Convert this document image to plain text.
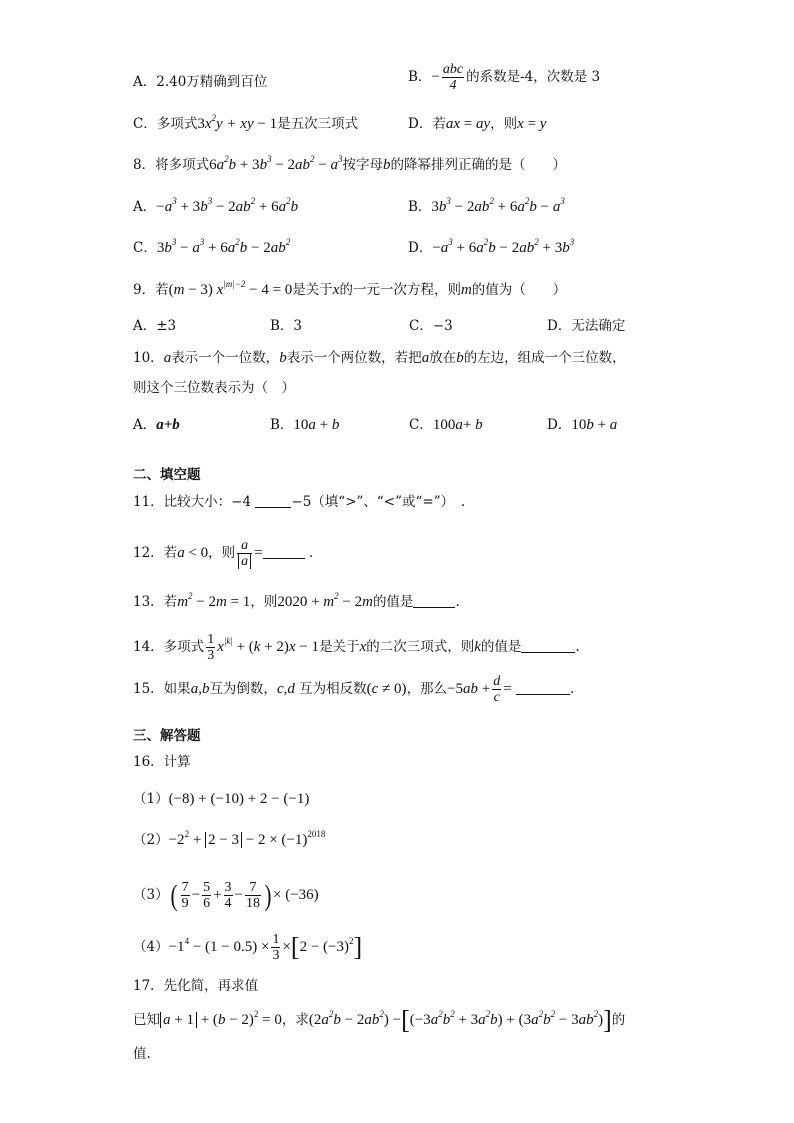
A．2.40万精确到百位	B．− $\frac{\text{abc}}{4}$ 的系数是-4，次数是 3
C．多项式$3x^2y$ + xy − 1是五次三项式	D．若ax = ay，则x = y
8．将多项式$6a^2b + 3b^3 - 2ab^2 - a^3$按字母b的降幂排列正确的是（　　）
A．$-a^3 + 3b^3 - 2ab^2 + 6a^2b$	B．$3b^3 - 2ab^2 + 6a^2b - a^3$
C．$3b^3 - a^3 + 6a^2b - 2ab^2$	D．$-a^3 + 6a^2b - 2ab^2 + 3b^3$
9．若(m − 3) $x^{|m|-2} - 4 = 0$是关于x的一元一次方程，则m的值为（　　）
A．±3	B．3	C．−3	D．无法确定
10．a表示一个一位数，b表示一个两位数，若把a放在b的左边，组成一个三位数，
则这个三位数表示为（　）
A．a+b	B．10a + b	C．100a+ b	D．10b + a
二、填空题
11．比较大小：−4	−5（填“>”、“<”或“=”）　.
12．若a < 0，则 $\frac{a}{a}$ =	．
13．若$m^2 - 2m = 1$，则$2020 + m^2 - 2m$的值是	.
14．多项式 $\frac{1}{3} x^{|k|} + (k + 2)x - 1$是关于x的二次三项式，则k的值是	.
15．如果a,b互为倒数，c,d 互为相反数(c ≠ 0)，那么$-5ab + \frac{d}{c}$ =	.
三、解答题
16．计算
（1）(−8) + (−10) + 2 − (−1)
$(2)-2^2 + 2 - 3 - 2 \times (-1)^{2018}$
$(3)( \frac{7}{9} - \frac{5}{6} + \frac{3}{4} - \frac{7}{18}$ ) × (−36)
$(4)-1^4 - (1 - 0.5) \times \frac{1}{3} \times[2 - (-3)^2]$
17．先化简，再求值
已知 $a + 1 + (b - 2)^2 = 0$，求$(2a^2b - 2ab^2) -[(-3a^2b^2 + 3a^2b) + (3a^2b^2 - 3ab^2)]$的
值.
